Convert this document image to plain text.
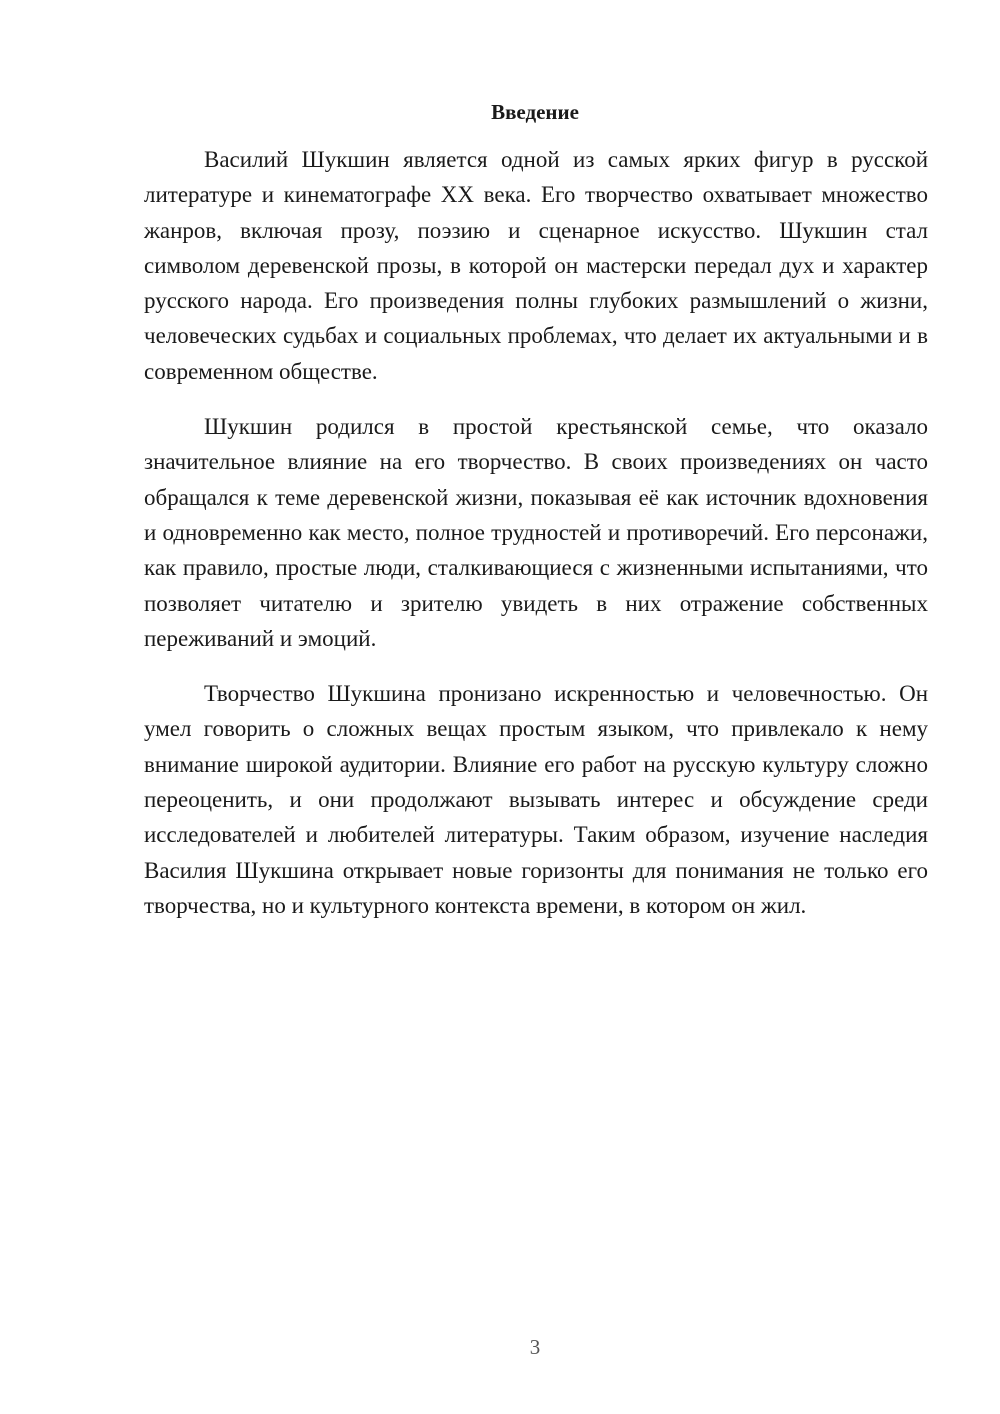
Введение

Василий Шукшин является одной из самых ярких фигур в русской литературе и кинематографе XX века. Его творчество охватывает множество жанров, включая прозу, поэзию и сценарное искусство. Шукшин стал символом деревенской прозы, в которой он мастерски передал дух и характер русского народа. Его произведения полны глубоких размышлений о жизни, человеческих судьбах и социальных проблемах, что делает их актуальными и в современном обществе.

Шукшин родился в простой крестьянской семье, что оказало значительное влияние на его творчество. В своих произведениях он часто обращался к теме деревенской жизни, показывая её как источник вдохновения и одновременно как место, полное трудностей и противоречий. Его персонажи, как правило, простые люди, сталкивающиеся с жизненными испытаниями, что позволяет читателю и зрителю увидеть в них отражение собственных переживаний и эмоций.

Творчество Шукшина пронизано искренностью и человечностью. Он умел говорить о сложных вещах простым языком, что привлекало к нему внимание широкой аудитории. Влияние его работ на русскую культуру сложно переоценить, и они продолжают вызывать интерес и обсуждение среди исследователей и любителей литературы. Таким образом, изучение наследия Василия Шукшина открывает новые горизонты для понимания не только его творчества, но и культурного контекста времени, в котором он жил.

3
